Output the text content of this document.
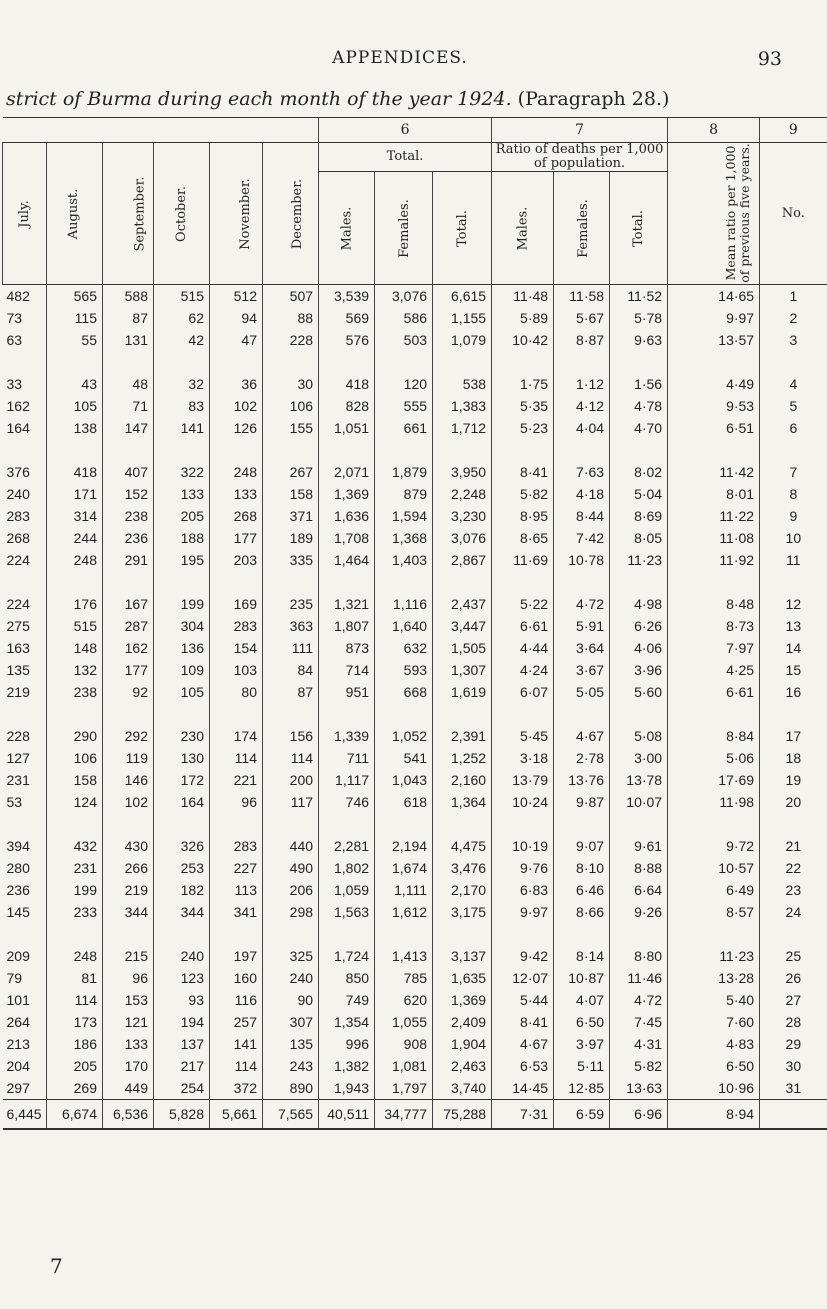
APPENDICES.	93
strict of Burma during each month of the year 1924. (Paragraph 28.)
						6			7			8	9
July.	August.	September.	October.	November.	December.	Total.			Ratio of deaths per 1,000 of population.			Mean ratio per 1,000
of previous five years.	No.
						Males.	Females.	Total.	Males.	Females.	Total.		
482	565	588	515	512	507	3,539	3,076	6,615	11·48	11·58	11·52	14·65	1
73	115	87	62	94	88	569	586	1,155	5·89	5·67	5·78	9·97	2
63	55	131	42	47	228	576	503	1,079	10·42	8·87	9·63	13·57	3
33	43	48	32	36	30	418	120	538	1·75	1·12	1·56	4·49	4
162	105	71	83	102	106	828	555	1,383	5·35	4·12	4·78	9·53	5
164	138	147	141	126	155	1,051	661	1,712	5·23	4·04	4·70	6·51	6
376	418	407	322	248	267	2,071	1,879	3,950	8·41	7·63	8·02	11·42	7
240	171	152	133	133	158	1,369	879	2,248	5·82	4·18	5·04	8·01	8
283	314	238	205	268	371	1,636	1,594	3,230	8·95	8·44	8·69	11·22	9
268	244	236	188	177	189	1,708	1,368	3,076	8·65	7·42	8·05	11·08	10
224	248	291	195	203	335	1,464	1,403	2,867	11·69	10·78	11·23	11·92	11
224	176	167	199	169	235	1,321	1,116	2,437	5·22	4·72	4·98	8·48	12
275	515	287	304	283	363	1,807	1,640	3,447	6·61	5·91	6·26	8·73	13
163	148	162	136	154	111	873	632	1,505	4·44	3·64	4·06	7·97	14
135	132	177	109	103	84	714	593	1,307	4·24	3·67	3·96	4·25	15
219	238	92	105	80	87	951	668	1,619	6·07	5·05	5·60	6·61	16
228	290	292	230	174	156	1,339	1,052	2,391	5·45	4·67	5·08	8·84	17
127	106	119	130	114	114	711	541	1,252	3·18	2·78	3·00	5·06	18
231	158	146	172	221	200	1,117	1,043	2,160	13·79	13·76	13·78	17·69	19
53	124	102	164	96	117	746	618	1,364	10·24	9·87	10·07	11·98	20
394	432	430	326	283	440	2,281	2,194	4,475	10·19	9·07	9·61	9·72	21
280	231	266	253	227	490	1,802	1,674	3,476	9·76	8·10	8·88	10·57	22
236	199	219	182	113	206	1,059	1,111	2,170	6·83	6·46	6·64	6·49	23
145	233	344	344	341	298	1,563	1,612	3,175	9·97	8·66	9·26	8·57	24
209	248	215	240	197	325	1,724	1,413	3,137	9·42	8·14	8·80	11·23	25
79	81	96	123	160	240	850	785	1,635	12·07	10·87	11·46	13·28	26
101	114	153	93	116	90	749	620	1,369	5·44	4·07	4·72	5·40	27
264	173	121	194	257	307	1,354	1,055	2,409	8·41	6·50	7·45	7·60	28
213	186	133	137	141	135	996	908	1,904	4·67	3·97	4·31	4·83	29
204	205	170	217	114	243	1,382	1,081	2,463	6·53	5·11	5·82	6·50	30
297	269	449	254	372	890	1,943	1,797	3,740	14·45	12·85	13·63	10·96	31
6,445	6,674	6,536	5,828	5,661	7,565	40,511	34,777	75,288	7·31	6·59	6·96	8·94	
7
